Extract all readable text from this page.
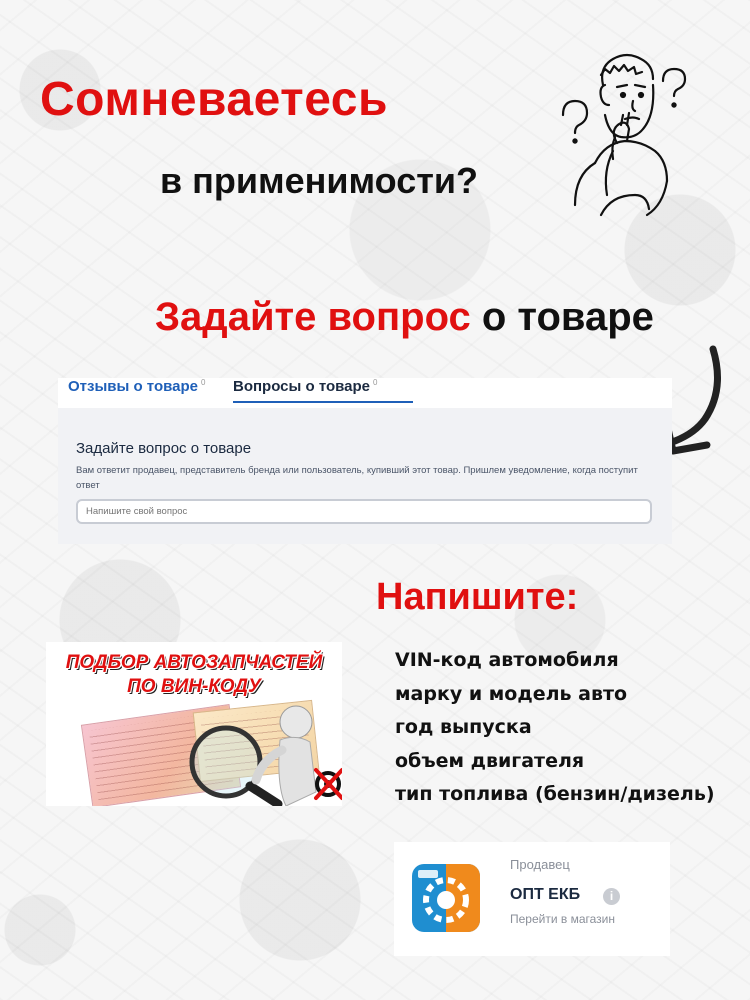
Сомневаетесь
в применимости?
Задайте вопрос о товаре
Отзывы о товаре $^0$ Вопросы о товаре $^0$
Задайте вопрос о товаре
Вам ответит продавец, представитель бренда или пользователь, купивший этот товар. Пришлем уведомление, когда поступит ответ
Напишите свой вопрос
Напишите:
ПОДБОР АВТОЗАПЧАСТЕЙ
ПО ВИН-КОДУ
VIN-код автомобиля
марку и модель авто
год выпуска
объем двигателя
тип топлива (бензин/дизель)
Продавец
ОПТ ЕКБ	i
Перейти в магазин
